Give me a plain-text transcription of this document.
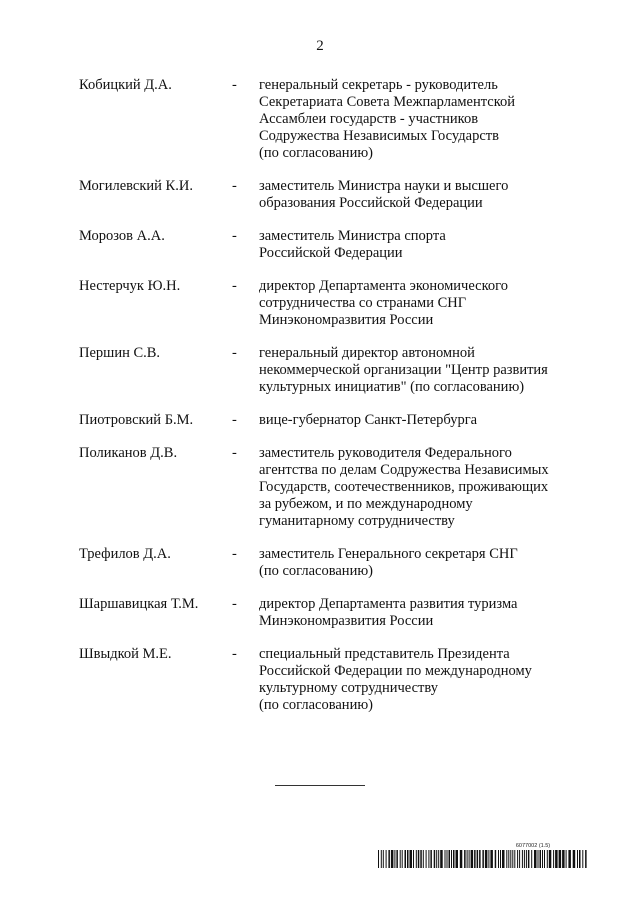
2
Кобицкий Д.А.	- генеральный секретарь - руководитель
Секретариата Совета Межпарламентской
Ассамблеи государств - участников
Содружества Независимых Государств
(по согласованию)
Могилевский К.И.	- заместитель Министра науки и высшего
образования Российской Федерации
Морозов А.А.	- заместитель Министра спорта
Российской Федерации
Нестерчук Ю.Н.	- директор Департамента экономического
сотрудничества со странами СНГ
Минэкономразвития России
Першин С.В.	- генеральный директор автономной
некоммерческой организации "Центр развития
культурных инициатив" (по согласованию)
Пиотровский Б.М.	- вице-губернатор Санкт-Петербурга
Поликанов Д.В.	- заместитель руководителя Федерального
агентства по делам Содружества Независимых
Государств, соотечественников, проживающих
за рубежом, и по международному
гуманитарному сотрудничеству
Трефилов Д.А.	- заместитель Генерального секретаря СНГ
(по согласованию)
Шаршавицкая Т.М.	- директор Департамента развития туризма
Минэкономразвития России
Швыдкой М.Е.	- специальный представитель Президента
Российской Федерации по международному
культурному сотрудничеству
(по согласованию)
6077002 (1.5)
